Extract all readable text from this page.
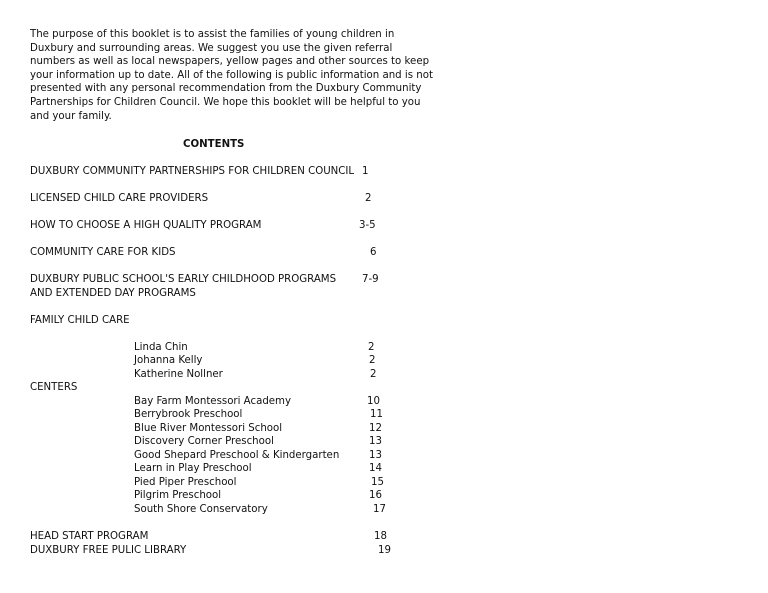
The purpose of this booklet is to assist the families of young children in
Duxbury and surrounding areas. We suggest you use the given referral
numbers as well as local newspapers, yellow pages and other sources to keep
your information up to date. All of the following is public information and is not
presented with any personal recommendation from the Duxbury Community
Partnerships for Children Council. We hope this booklet will be helpful to you
and your family.
CONTENTS
DUXBURY COMMUNITY PARTNERSHIPS FOR CHILDREN COUNCIL 1
LICENSED CHILD CARE PROVIDERS	2
HOW TO CHOOSE A HIGH QUALITY PROGRAM	3-5
COMMUNITY CARE FOR KIDS	6
DUXBURY PUBLIC SCHOOL'S EARLY CHILDHOOD PROGRAMS
AND EXTENDED DAY PROGRAMS
7-9
FAMILY CHILD CARE
Linda Chin	2
Johanna Kelly	2
Katherine Nollner	2
CENTERS
Bay Farm Montessori Academy	10
Berrybrook Preschool	11
Blue River Montessori School	12
Discovery Corner Preschool	13
Good Shepard Preschool & Kindergarten	13
Learn in Play Preschool	14
Pied Piper Preschool	15
Pilgrim Preschool	16
South Shore Conservatory	17
HEAD START PROGRAM	18
DUXBURY FREE PULIC LIBRARY	19
